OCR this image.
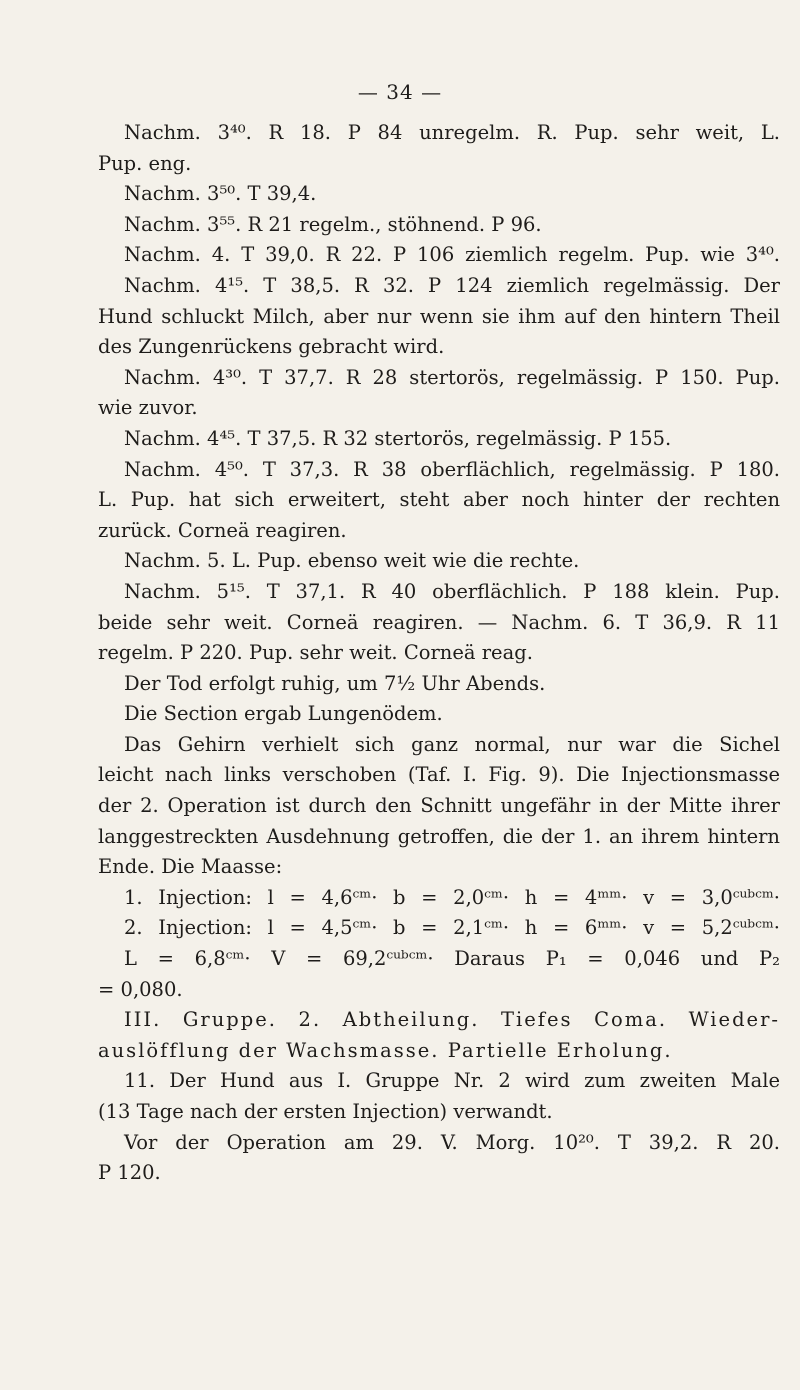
— 34 —
Nachm. 3⁴⁰. R 18. P 84 unregelm. R. Pup. sehr weit, L.
Pup. eng.
Nachm. 3⁵⁰. T 39,4.
Nachm. 3⁵⁵. R 21 regelm., stöhnend. P 96.
Nachm. 4. T 39,0. R 22. P 106 ziemlich regelm. Pup. wie 3⁴⁰.
Nachm. 4¹⁵. T 38,5. R 32. P 124 ziemlich regelmässig. Der
Hund schluckt Milch, aber nur wenn sie ihm auf den hintern Theil
des Zungenrückens gebracht wird.
Nachm. 4³⁰. T 37,7. R 28 stertorös, regelmässig. P 150. Pup.
wie zuvor.
Nachm. 4⁴⁵. T 37,5. R 32 stertorös, regelmässig. P 155.
Nachm. 4⁵⁰. T 37,3. R 38 oberflächlich, regelmässig. P 180.
L. Pup. hat sich erweitert, steht aber noch hinter der rechten
zurück. Corneä reagiren.
Nachm. 5. L. Pup. ebenso weit wie die rechte.
Nachm. 5¹⁵. T 37,1. R 40 oberflächlich. P 188 klein. Pup.
beide sehr weit. Corneä reagiren. — Nachm. 6. T 36,9. R 11
regelm. P 220. Pup. sehr weit. Corneä reag.
Der Tod erfolgt ruhig, um 7½ Uhr Abends.
Die Section ergab Lungenödem.
Das Gehirn verhielt sich ganz normal, nur war die Sichel
leicht nach links verschoben (Taf. I. Fig. 9). Die Injectionsmasse
der 2. Operation ist durch den Schnitt ungefähr in der Mitte ihrer
langgestreckten Ausdehnung getroffen, die der 1. an ihrem hintern
Ende. Die Maasse:
1. Injection: l = 4,6ᶜᵐ· b = 2,0ᶜᵐ· h = 4ᵐᵐ· v = 3,0ᶜᵘᵇᶜᵐ·
2. Injection: l = 4,5ᶜᵐ· b = 2,1ᶜᵐ· h = 6ᵐᵐ· v = 5,2ᶜᵘᵇᶜᵐ·
L = 6,8ᶜᵐ· V = 69,2ᶜᵘᵇᶜᵐ· Daraus P₁ = 0,046 und P₂
= 0,080.
III. Gruppe. 2. Abtheilung. Tiefes Coma. Wieder-
auslöfflung der Wachsmasse. Partielle Erholung.
11. Der Hund aus I. Gruppe Nr. 2 wird zum zweiten Male
(13 Tage nach der ersten Injection) verwandt.
Vor der Operation am 29. V. Morg. 10²⁰. T 39,2. R 20.
P 120.
